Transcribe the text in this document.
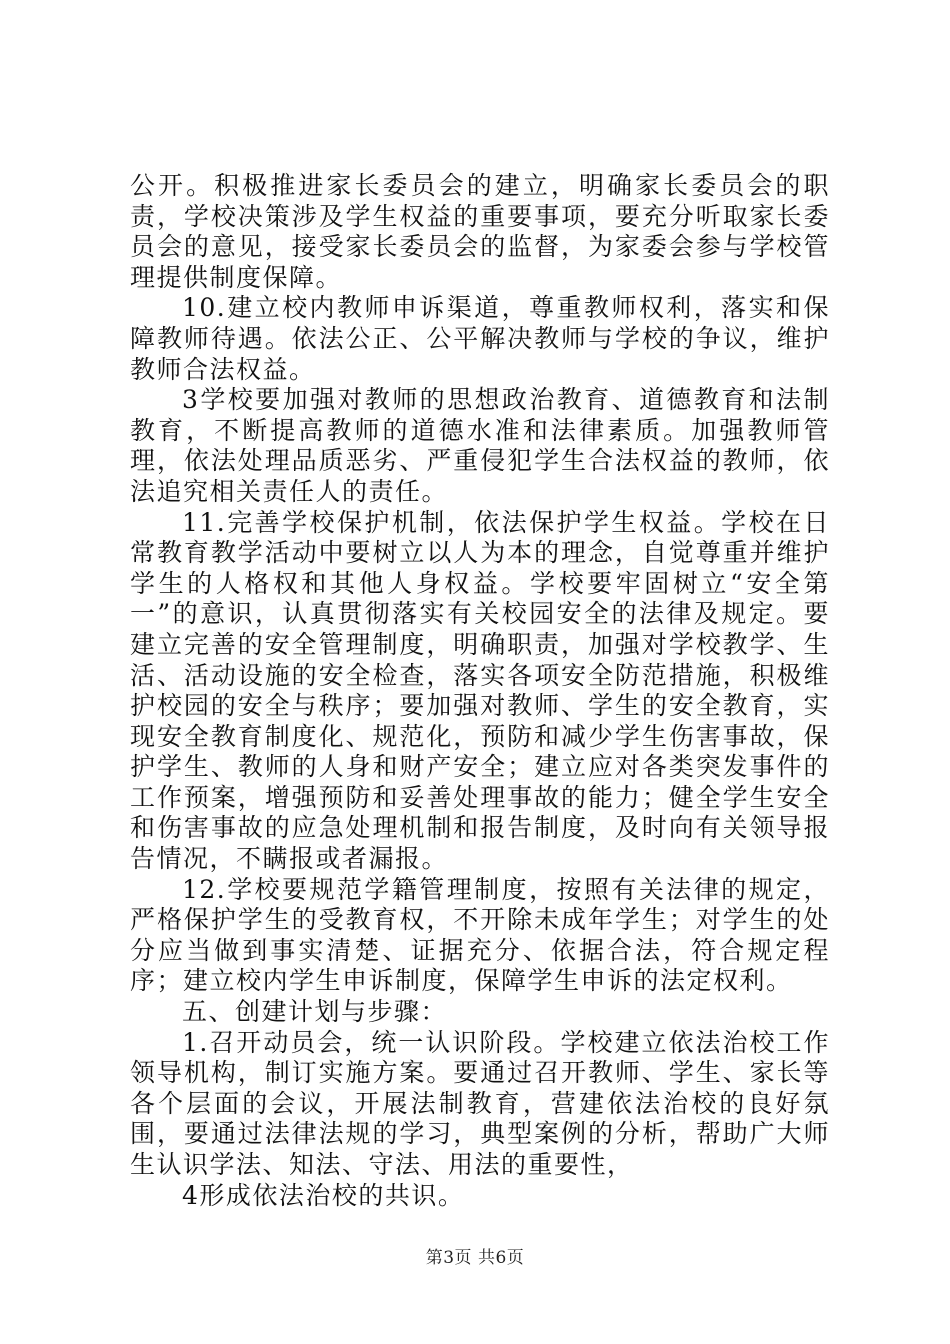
公开。积极推进家长委员会的建立，明确家长委员会的职责，学校决策涉及学生权益的重要事项，要充分听取家长委员会的意见，接受家长委员会的监督，为家委会参与学校管理提供制度保障。

10.建立校内教师申诉渠道，尊重教师权利，落实和保障教师待遇。依法公正、公平解决教师与学校的争议，维护教师合法权益。

3学校要加强对教师的思想政治教育、道德教育和法制教育，不断提高教师的道德水准和法律素质。加强教师管理，依法处理品质恶劣、严重侵犯学生合法权益的教师，依法追究相关责任人的责任。

11.完善学校保护机制，依法保护学生权益。学校在日常教育教学活动中要树立以人为本的理念，自觉尊重并维护学生的人格权和其他人身权益。学校要牢固树立“安全第一”的意识，认真贯彻落实有关校园安全的法律及规定。要建立完善的安全管理制度，明确职责，加强对学校教学、生活、活动设施的安全检查，落实各项安全防范措施，积极维护校园的安全与秩序；要加强对教师、学生的安全教育，实现安全教育制度化、规范化，预防和减少学生伤害事故，保护学生、教师的人身和财产安全；建立应对各类突发事件的工作预案，增强预防和妥善处理事故的能力；健全学生安全和伤害事故的应急处理机制和报告制度，及时向有关领导报告情况，不瞒报或者漏报。

12.学校要规范学籍管理制度，按照有关法律的规定，严格保护学生的受教育权，不开除未成年学生；对学生的处分应当做到事实清楚、证据充分、依据合法，符合规定程序；建立校内学生申诉制度，保障学生申诉的法定权利。

五、创建计划与步骤：

1.召开动员会，统一认识阶段。学校建立依法治校工作领导机构，制订实施方案。要通过召开教师、学生、家长等各个层面的会议，开展法制教育，营建依法治校的良好氛围，要通过法律法规的学习，典型案例的分析，帮助广大师生认识学法、知法、守法、用法的重要性，

4形成依法治校的共识。

第3页 共6页
